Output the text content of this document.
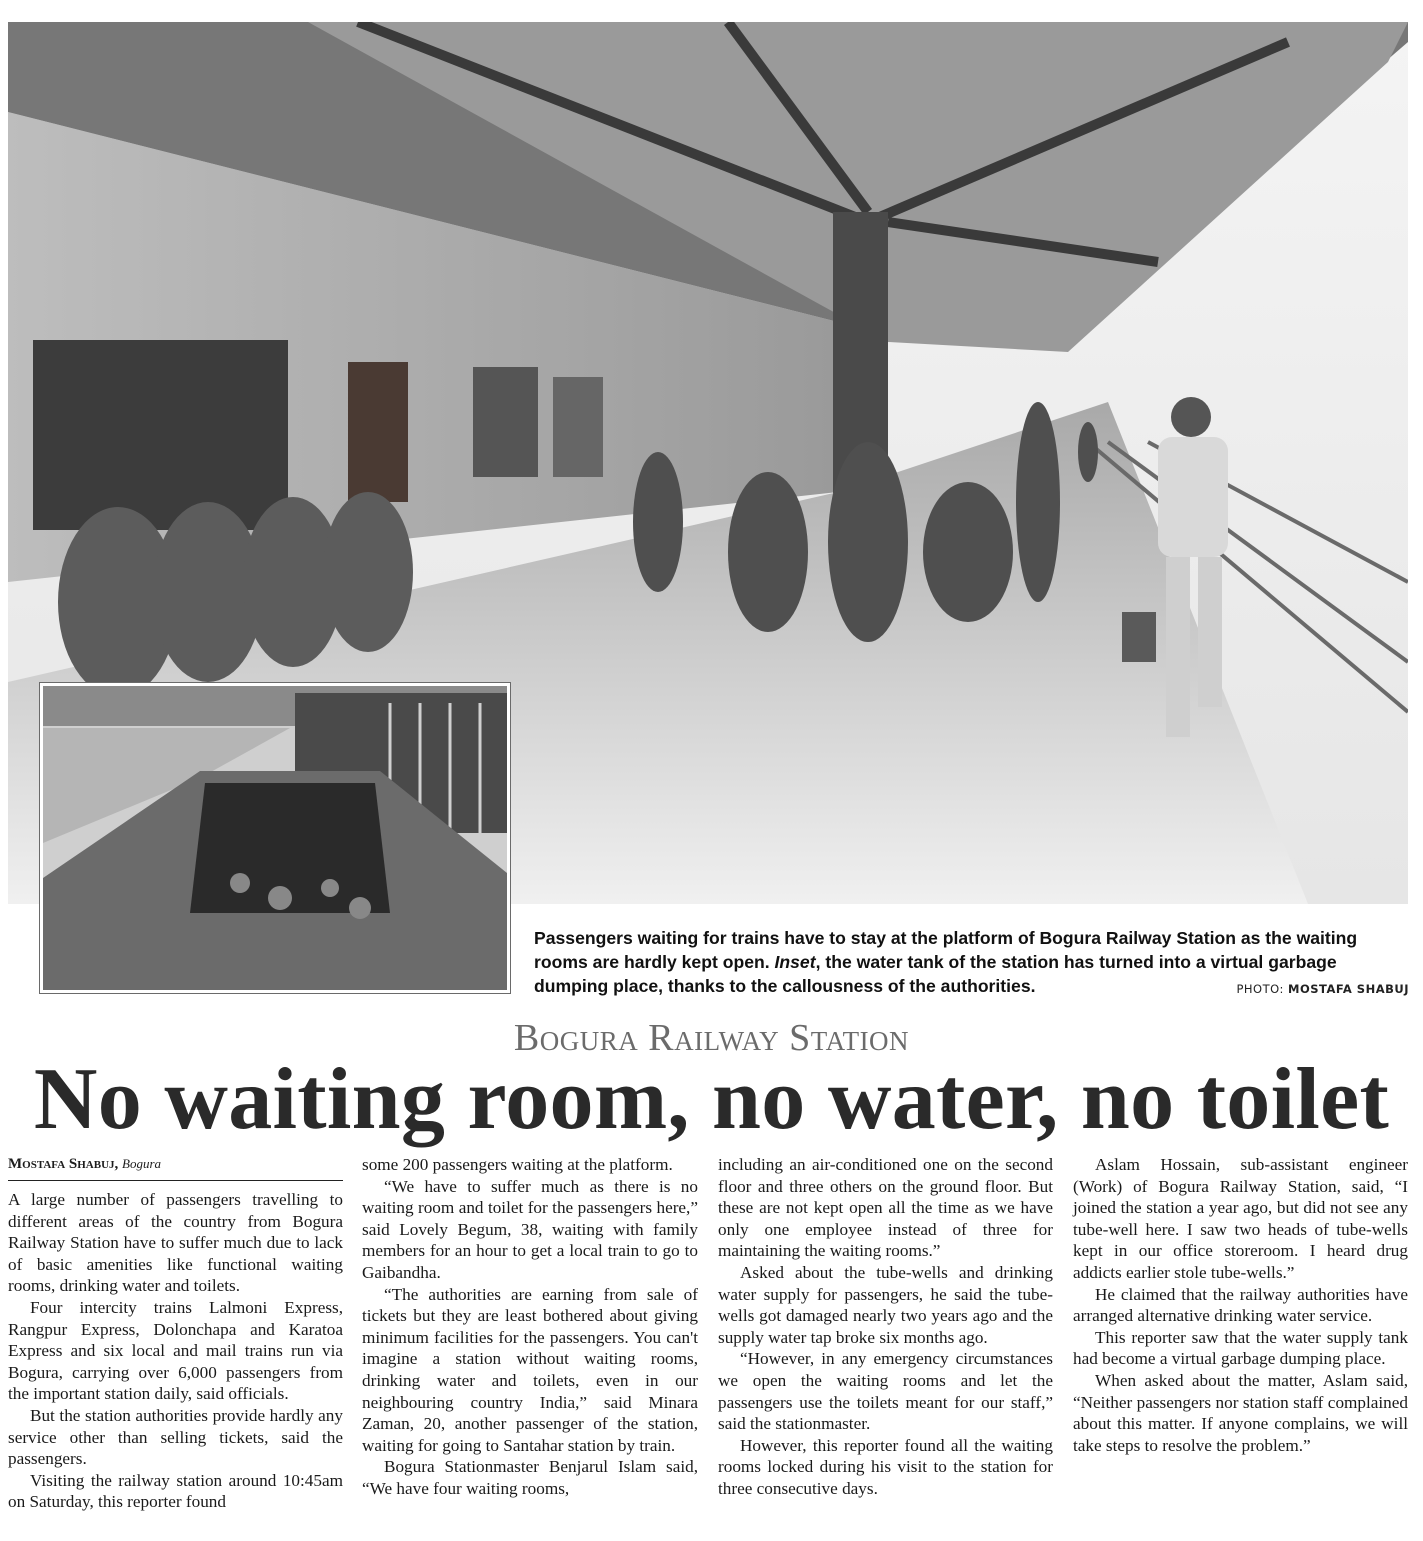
Passengers waiting for trains have to stay at the platform of Bogura Railway Station as the waiting rooms are hardly kept open. Inset, the water tank of the station has turned into a virtual garbage dumping place, thanks to the callousness of the authorities.	PHOTO: MOSTAFA SHABUJ
Bogura Railway Station
No waiting room, no water, no toilet
Mostafa Shabuj, Bogura

A large number of passengers travelling to different areas of the country from Bogura Railway Station have to suffer much due to lack of basic amenities like functional waiting rooms, drinking water and toilets.

Four intercity trains Lalmoni Express, Rangpur Express, Dolonchapa and Karatoa Express and six local and mail trains run via Bogura, carrying over 6,000 passengers from the important station daily, said officials.

But the station authorities provide hardly any service other than selling tickets, said the passengers.

Visiting the railway station around 10:45am on Saturday, this reporter found

some 200 passengers waiting at the platform.

“We have to suffer much as there is no waiting room and toilet for the passengers here,” said Lovely Begum, 38, waiting with family members for an hour to get a local train to go to Gaibandha.

“The authorities are earning from sale of tickets but they are least bothered about giving minimum facilities for the passengers. You can't imagine a station without waiting rooms, drinking water and toilets, even in our neighbouring country India,” said Minara Zaman, 20, another passenger of the station, waiting for going to Santahar station by train.

Bogura Stationmaster Benjarul Islam said, “We have four waiting rooms,

including an air-conditioned one on the second floor and three others on the ground floor. But these are not kept open all the time as we have only one employee instead of three for maintaining the waiting rooms.”

Asked about the tube-wells and drinking water supply for passengers, he said the tube-wells got damaged nearly two years ago and the supply water tap broke six months ago.

“However, in any emergency circumstances we open the waiting rooms and let the passengers use the toilets meant for our staff,” said the stationmaster.

However, this reporter found all the waiting rooms locked during his visit to the station for three consecutive days.

Aslam Hossain, sub-assistant engineer (Work) of Bogura Railway Station, said, “I joined the station a year ago, but did not see any tube-well here. I saw two heads of tube-wells kept in our office storeroom. I heard drug addicts earlier stole tube-wells.”

He claimed that the railway authorities have arranged alternative drinking water service.

This reporter saw that the water supply tank had become a virtual garbage dumping place.

When asked about the matter, Aslam said, “Neither passengers nor station staff complained about this matter. If anyone complains, we will take steps to resolve the problem.”
